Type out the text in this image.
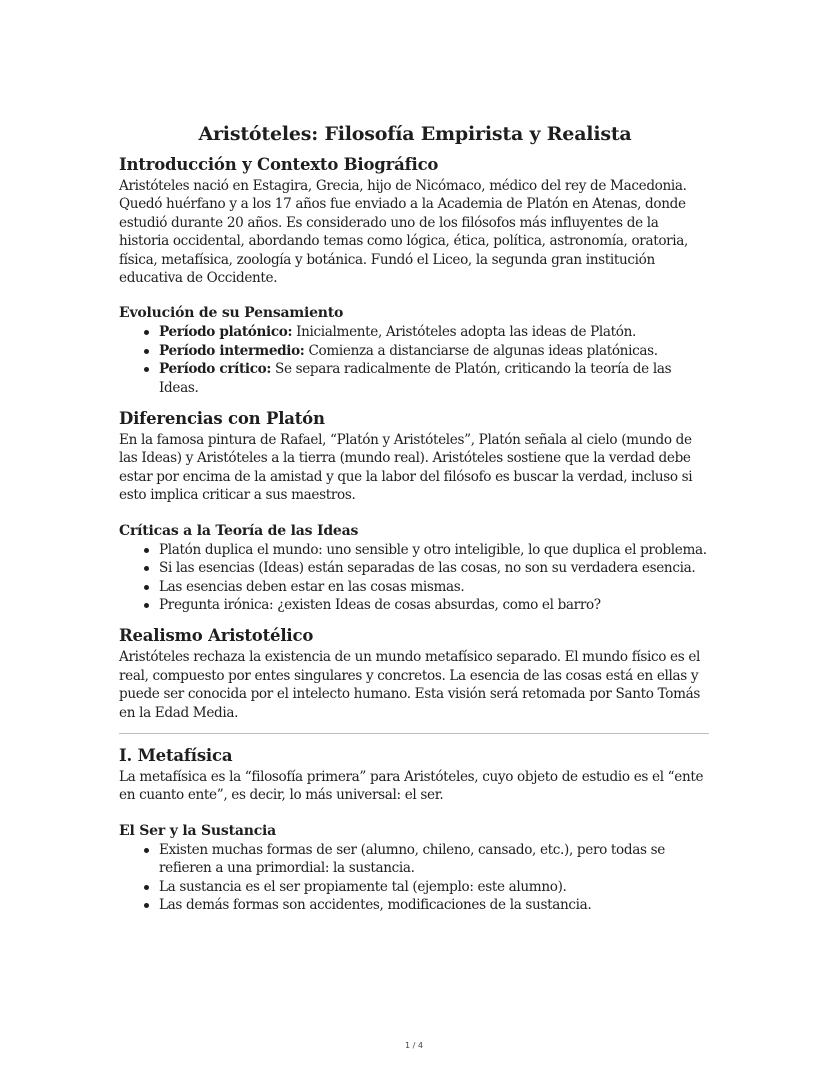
Aristóteles: Filosofía Empirista y Realista
Introducción y Contexto Biográfico

Aristóteles nació en Estagira, Grecia, hijo de Nicómaco, médico del rey de Macedonia. Quedó huérfano y a los 17 años fue enviado a la Academia de Platón en Atenas, donde estudió durante 20 años. Es considerado uno de los filósofos más influyentes de la historia occidental, abordando temas como lógica, ética, política, astronomía, oratoria, física, metafísica, zoología y botánica. Fundó el Liceo, la segunda gran institución educativa de Occidente.

Evolución de su Pensamiento
Período platónico: Inicialmente, Aristóteles adopta las ideas de Platón.
Período intermedio: Comienza a distanciarse de algunas ideas platónicas.
Período crítico: Se separa radicalmente de Platón, criticando la teoría de las Ideas.
Diferencias con Platón

En la famosa pintura de Rafael, “Platón y Aristóteles”, Platón señala al cielo (mundo de las Ideas) y Aristóteles a la tierra (mundo real). Aristóteles sostiene que la verdad debe estar por encima de la amistad y que la labor del filósofo es buscar la verdad, incluso si esto implica criticar a sus maestros.

Críticas a la Teoría de las Ideas
Platón duplica el mundo: uno sensible y otro inteligible, lo que duplica el problema.
Si las esencias (Ideas) están separadas de las cosas, no son su verdadera esencia.
Las esencias deben estar en las cosas mismas.
Pregunta irónica: ¿existen Ideas de cosas absurdas, como el barro?
Realismo Aristotélico

Aristóteles rechaza la existencia de un mundo metafísico separado. El mundo físico es el real, compuesto por entes singulares y concretos. La esencia de las cosas está en ellas y puede ser conocida por el intelecto humano. Esta visión será retomada por Santo Tomás en la Edad Media.

I. Metafísica

La metafísica es la “filosofía primera” para Aristóteles, cuyo objeto de estudio es el “ente en cuanto ente”, es decir, lo más universal: el ser.

El Ser y la Sustancia
Existen muchas formas de ser (alumno, chileno, cansado, etc.), pero todas se refieren a una primordial: la sustancia.
La sustancia es el ser propiamente tal (ejemplo: este alumno).
Las demás formas son accidentes, modificaciones de la sustancia.
1 / 4
